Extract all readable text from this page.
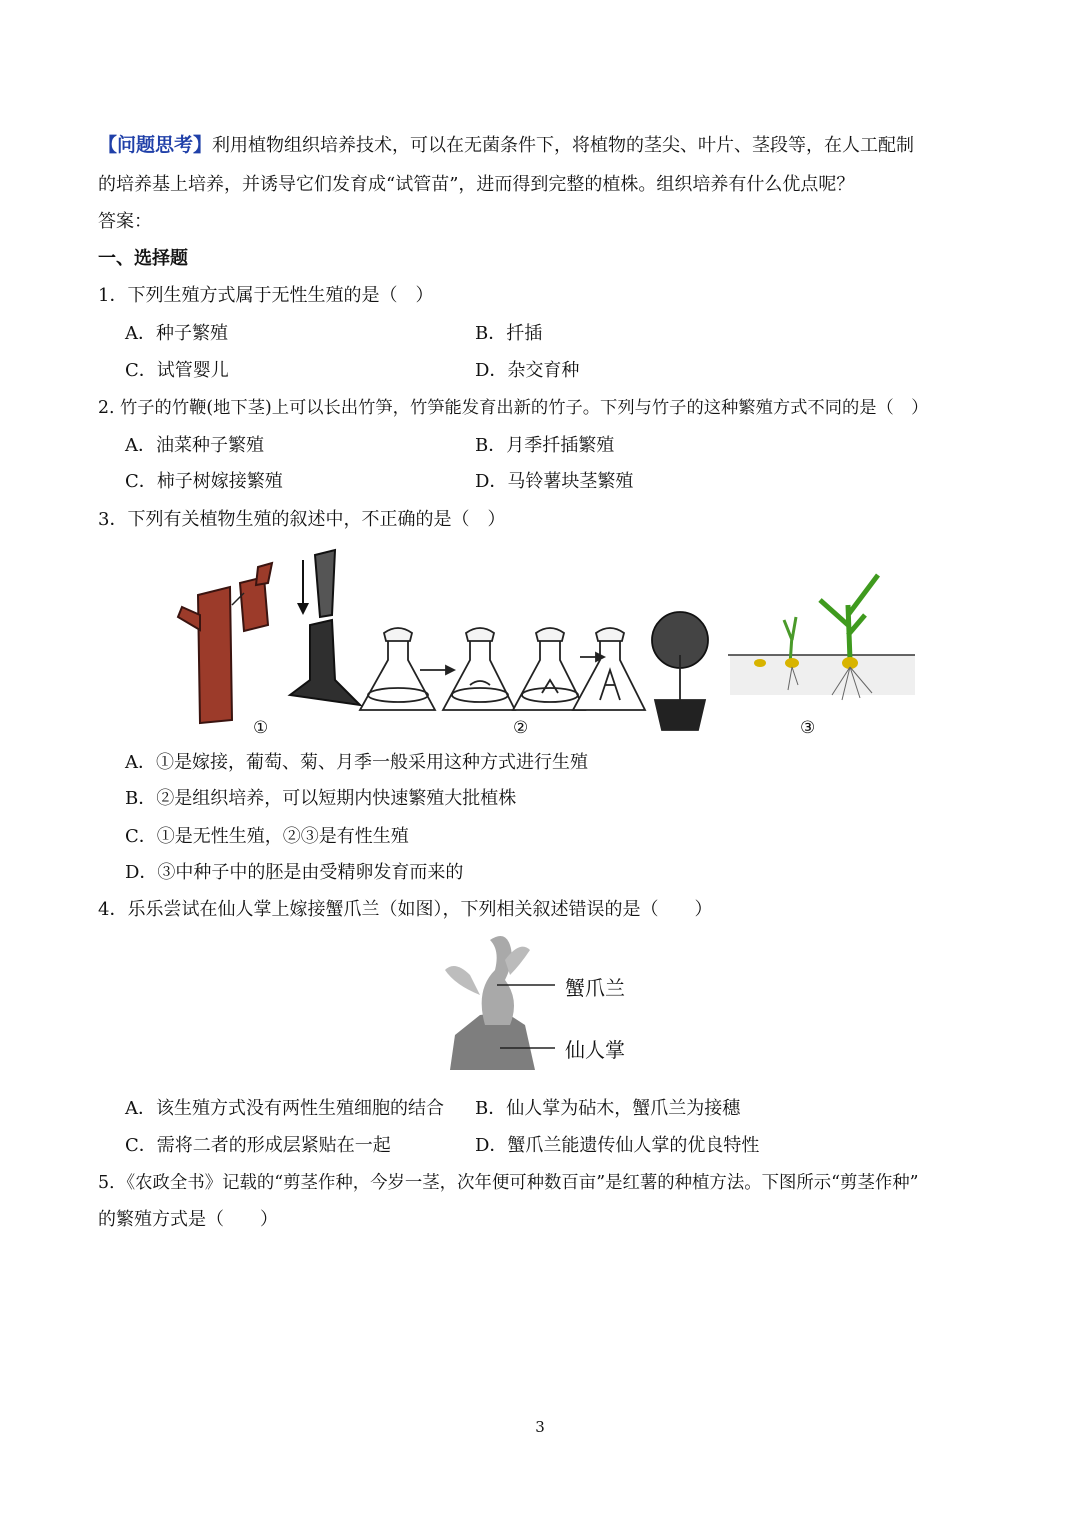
【问题思考】利用植物组织培养技术，可以在无菌条件下，将植物的茎尖、叶片、茎段等，在人工配制
的培养基上培养，并诱导它们发育成“试管苗”，进而得到完整的植株。组织培养有什么优点呢？
答案：
一、选择题
1．下列生殖方式属于无性生殖的是（　）
A．种子繁殖	B．扦插
C．试管婴儿	D．杂交育种
2. 竹子的竹鞭(地下茎)上可以长出竹笋，竹笋能发育出新的竹子。下列与竹子的这种繁殖方式不同的是（　）
A．油菜种子繁殖	B．月季扦插繁殖
C．柿子树嫁接繁殖	D．马铃薯块茎繁殖
3．下列有关植物生殖的叙述中，不正确的是（　）
①	②	③
A．①是嫁接，葡萄、菊、月季一般采用这种方式进行生殖
B．②是组织培养，可以短期内快速繁殖大批植株
C．①是无性生殖，②③是有性生殖
D．③中种子中的胚是由受精卵发育而来的
4．乐乐尝试在仙人掌上嫁接蟹爪兰（如图），下列相关叙述错误的是（　　）
蟹爪兰
仙人掌
A．该生殖方式没有两性生殖细胞的结合 B．仙人掌为砧木，蟹爪兰为接穗
C．需将二者的形成层紧贴在一起	D．蟹爪兰能遗传仙人掌的优良特性
5．《农政全书》记载的“剪茎作种，今岁一茎，次年便可种数百亩”是红薯的种植方法。下图所示“剪茎作种”
的繁殖方式是（　　）
3
